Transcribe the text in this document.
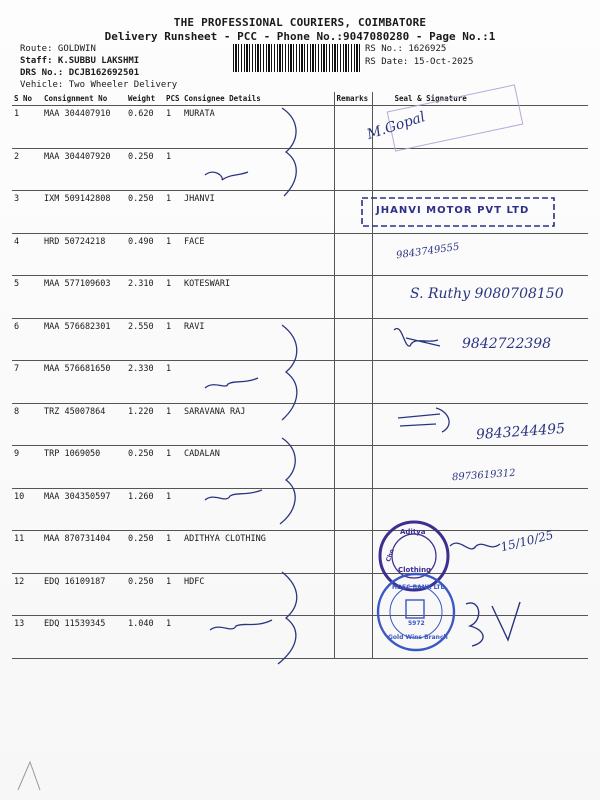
THE PROFESSIONAL COURIERS, COIMBATORE
Delivery Runsheet - PCC - Phone No.:9047080280 - Page No.:1
Route: GOLDWIN
Staff: K.SUBBU LAKSHMI
DRS No.: DCJB162692501
Vehicle: Two Wheeler Delivery
RS No.: 1626925
RS Date: 15-Oct-2025
S No	Consignment No	Weight	PCS	Consignee Details	Remarks	Seal & Signature
1	MAA 304407910	0.620	1	MURATA		
2	MAA 304407920	0.250	1			
3	IXM 509142808	0.250	1	JHANVI		
4	HRD 50724218	0.490	1	FACE		
5	MAA 577109603	2.310	1	KOTESWARI		
6	MAA 576682301	2.550	1	RAVI		
7	MAA 576681650	2.330	1			
8	TRZ 45007864	1.220	1	SARAVANA RAJ		
9	TRP 1069050	0.250	1	CADALAN		
10	MAA 304350597	1.260	1			
11	MAA 870731404	0.250	1	ADITHYA CLOTHING		
12	EDQ 16109187	0.250	1	HDFC		
13	EDQ 11539345	1.040	1			
M.Gopal
JHANVI MOTOR PVT LTD
9843749555
S. Ruthy 9080708150
9842722398
9843244495
8973619312
15/10/25
Aditya
Clothing
Chn
HDFC BANK LTD.
5972
Gold Wins Branch
